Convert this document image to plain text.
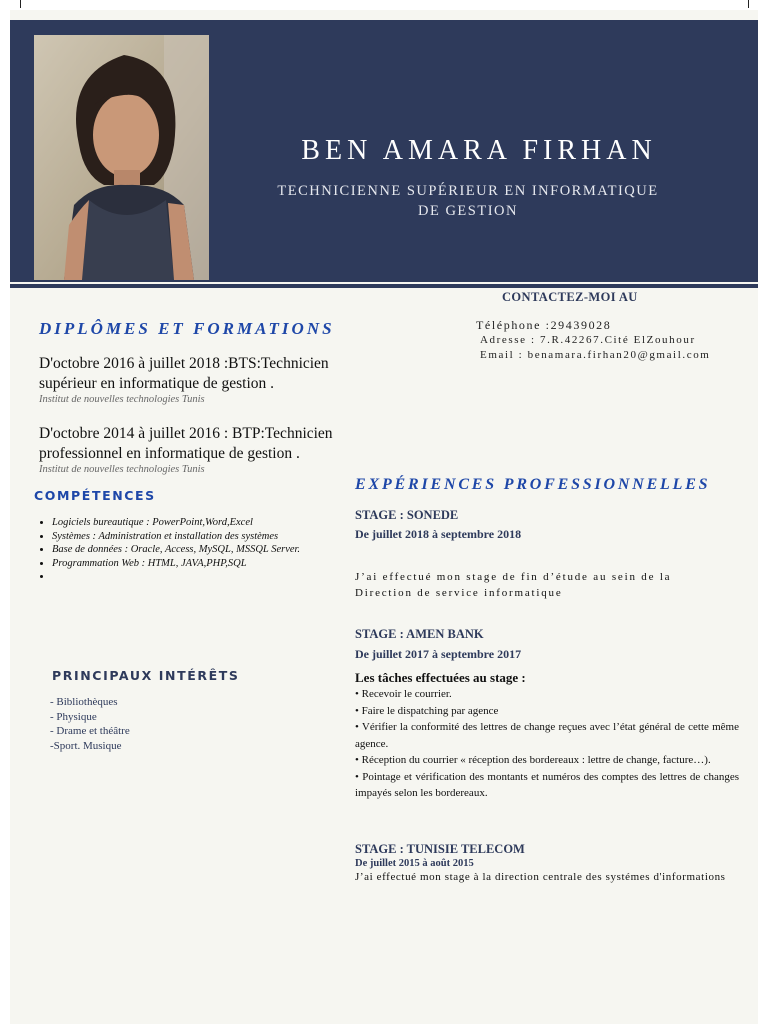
BEN AMARA FIRHAN
TECHNICIENNE SUPÉRIEUR EN INFORMATIQUE
DE GESTION
CONTACTEZ-MOI AU
Téléphone :29439028
Adresse : 7.R.42267.Cité ElZouhour
Email : benamara.firhan20@gmail.com
DIPLÔMES ET FORMATIONS
D'octobre 2016 à juillet 2018 :BTS:Technicien
supérieur en informatique de gestion .
Institut de nouvelles technologies Tunis
D'octobre 2014 à juillet 2016 : BTP:Technicien
professionnel en informatique de gestion .
Institut de nouvelles technologies Tunis
COMPÉTENCES
• Logiciels bureautique : PowerPoint,Word,Excel
• Systèmes : Administration et installation des systèmes
• Base de données : Oracle, Access, MySQL, MSSQL Server.
• Programmation Web : HTML, JAVA,PHP,SQL
•
PRINCIPAUX INTÉRÊTS
- Bibliothèques
- Physique
- Drame et théâtre
-Sport. Musique
EXPÉRIENCES PROFESSIONNELLES
STAGE : SONEDE
De juillet 2018 à septembre 2018
J’ai effectué mon stage de fin d’étude au sein de la
Direction de service informatique
STAGE : AMEN BANK
De juillet 2017 à septembre 2017
Les tâches effectuées au stage :
• Recevoir le courrier.
• Faire le dispatching par agence
• Vérifier la conformité des lettres de change reçues avec l’état général de cette même agence.
• Réception du courrier « réception des bordereaux : lettre de change, facture…).
• Pointage et vérification des montants et numéros des comptes des lettres de changes impayés selon les bordereaux.
STAGE : TUNISIE TELECOM
De juillet 2015 à août 2015
J’ai effectué mon stage à la direction centrale des systémes d'informations
